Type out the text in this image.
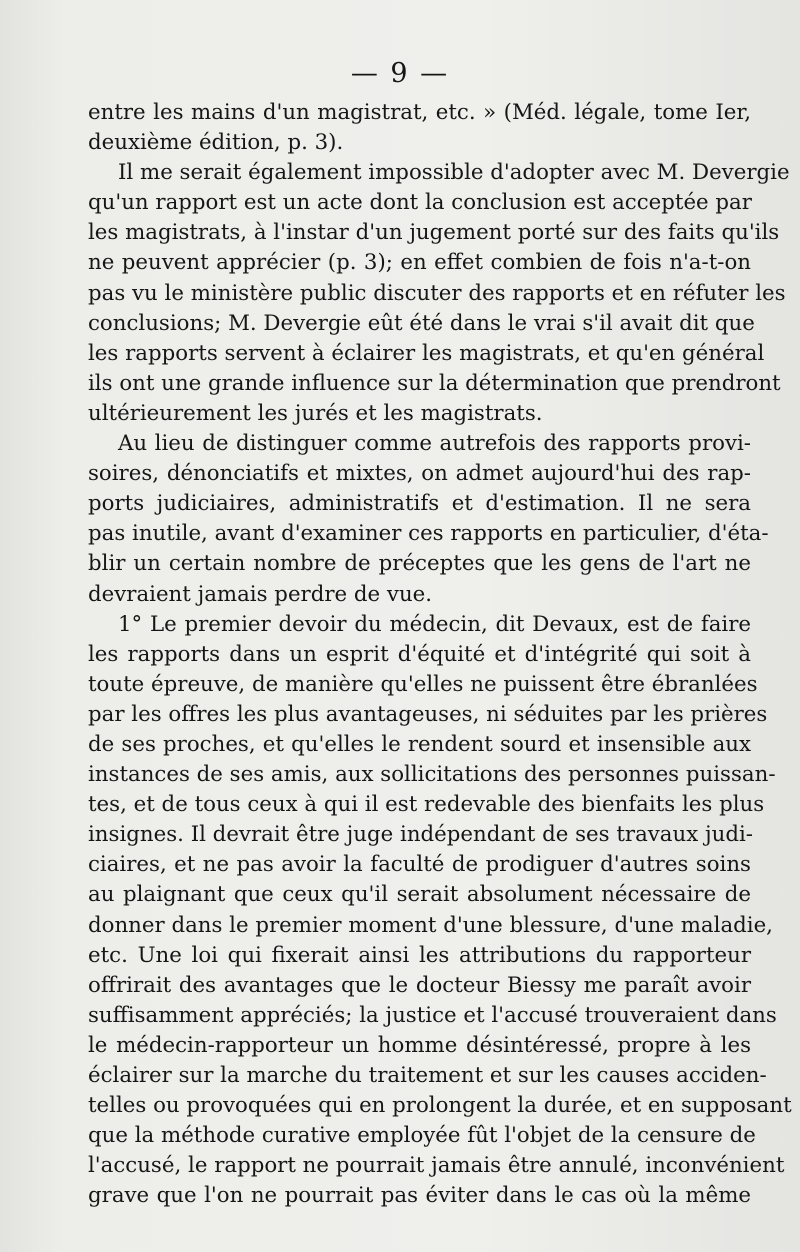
— 9 —
entre les mains d'un magistrat, etc. » (Méd. légale, tome Ier,
deuxième édition, p. 3).
Il me serait également impossible d'adopter avec M. Devergie
qu'un rapport est un acte dont la conclusion est acceptée par
les magistrats, à l'instar d'un jugement porté sur des faits qu'ils
ne peuvent apprécier (p. 3); en effet combien de fois n'a-t-on
pas vu le ministère public discuter des rapports et en réfuter les
conclusions; M. Devergie eût été dans le vrai s'il avait dit que
les rapports servent à éclairer les magistrats, et qu'en général
ils ont une grande influence sur la détermination que prendront
ultérieurement les jurés et les magistrats.
Au lieu de distinguer comme autrefois des rapports provi-
soires, dénonciatifs et mixtes, on admet aujourd'hui des rap-
ports judiciaires, administratifs et d'estimation. Il ne sera
pas inutile, avant d'examiner ces rapports en particulier, d'éta-
blir un certain nombre de préceptes que les gens de l'art ne
devraient jamais perdre de vue.
1° Le premier devoir du médecin, dit Devaux, est de faire
les rapports dans un esprit d'équité et d'intégrité qui soit à
toute épreuve, de manière qu'elles ne puissent être ébranlées
par les offres les plus avantageuses, ni séduites par les prières
de ses proches, et qu'elles le rendent sourd et insensible aux
instances de ses amis, aux sollicitations des personnes puissan-
tes, et de tous ceux à qui il est redevable des bienfaits les plus
insignes. Il devrait être juge indépendant de ses travaux judi-
ciaires, et ne pas avoir la faculté de prodiguer d'autres soins
au plaignant que ceux qu'il serait absolument nécessaire de
donner dans le premier moment d'une blessure, d'une maladie,
etc. Une loi qui fixerait ainsi les attributions du rapporteur
offrirait des avantages que le docteur Biessy me paraît avoir
suffisamment appréciés; la justice et l'accusé trouveraient dans
le médecin-rapporteur un homme désintéressé, propre à les
éclairer sur la marche du traitement et sur les causes acciden-
telles ou provoquées qui en prolongent la durée, et en supposant
que la méthode curative employée fût l'objet de la censure de
l'accusé, le rapport ne pourrait jamais être annulé, inconvénient
grave que l'on ne pourrait pas éviter dans le cas où la même
